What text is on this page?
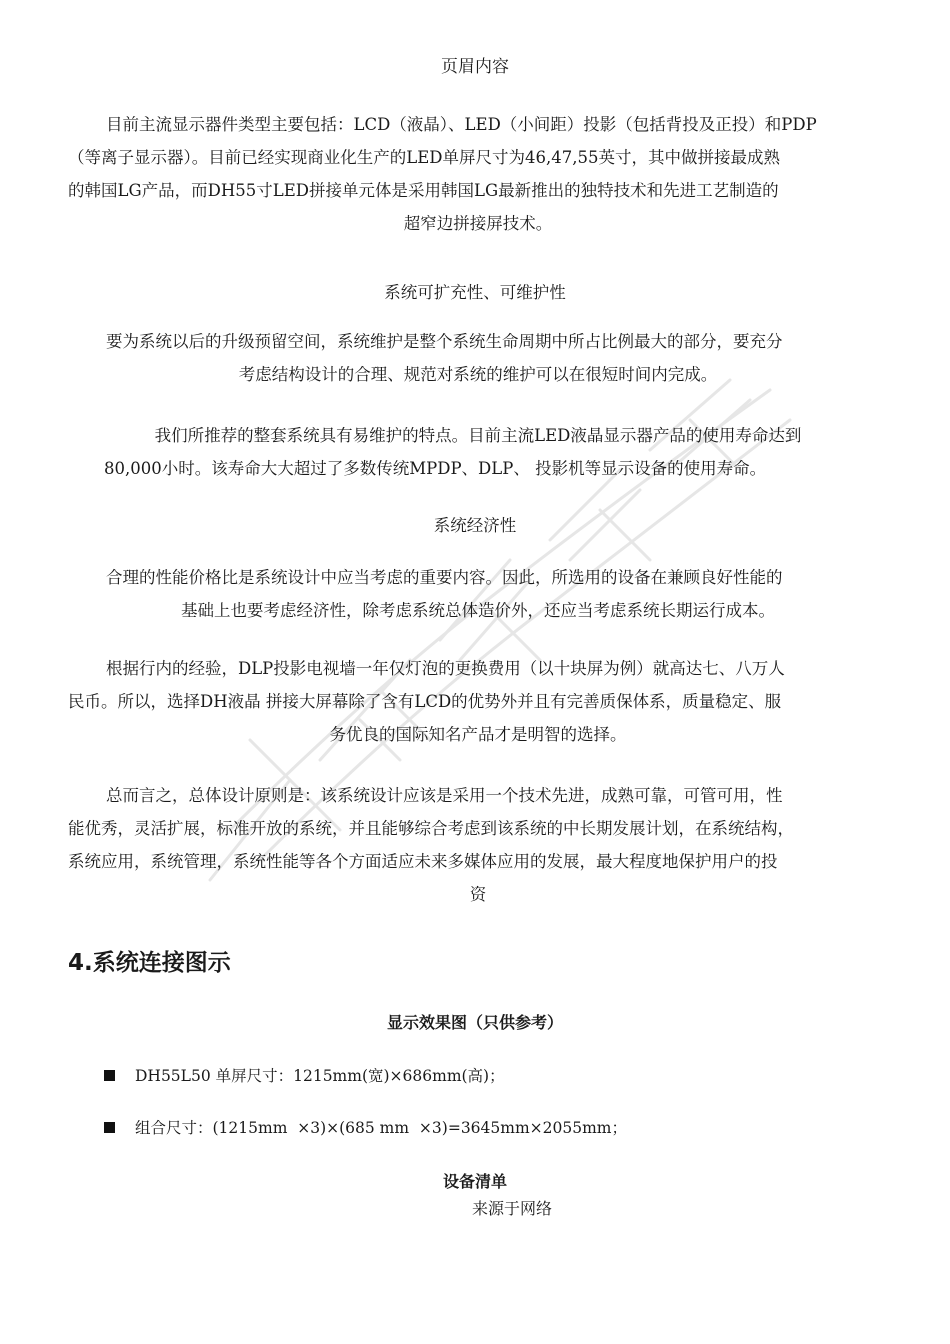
页眉内容
目前主流显示器件类型主要包括：LCD（液晶）、LED（小间距）投影（包括背投及正投）和PDP
（等离子显示器）。目前已经实现商业化生产的LED单屏尺寸为46,47,55英寸，其中做拼接最成熟
的韩国LG产品，而DH55寸LED拼接单元体是采用韩国LG最新推出的独特技术和先进工艺制造的
超窄边拼接屏技术。
系统可扩充性、可维护性
要为系统以后的升级预留空间，系统维护是整个系统生命周期中所占比例最大的部分，要充分
考虑结构设计的合理、规范对系统的维护可以在很短时间内完成。
我们所推荐的整套系统具有易维护的特点。目前主流LED液晶显示器产品的使用寿命达到
80,000小时。该寿命大大超过了多数传统MPDP、DLP、 投影机等显示设备的使用寿命。
系统经济性
合理的性能价格比是系统设计中应当考虑的重要内容。因此，所选用的设备在兼顾良好性能的
基础上也要考虑经济性，除考虑系统总体造价外，还应当考虑系统长期运行成本。
根据行内的经验，DLP投影电视墙一年仅灯泡的更换费用（以十块屏为例）就高达七、八万人
民币。所以，选择DH液晶 拼接大屏幕除了含有LCD的优势外并且有完善质保体系，质量稳定、服
务优良的国际知名产品才是明智的选择。
总而言之，总体设计原则是：该系统设计应该是采用一个技术先进，成熟可靠，可管可用，性
能优秀，灵活扩展，标准开放的系统，并且能够综合考虑到该系统的中长期发展计划，在系统结构，
系统应用，系统管理，系统性能等各个方面适应未来多媒体应用的发展，最大程度地保护用户的投
资
4.系统连接图示
显示效果图（只供参考）
DH55L50 单屏尺寸：1215mm(宽)×686mm(高)；
组合尺寸：(1215mm  ×3)×(685 mm  ×3)=3645mm×2055mm；
设备清单
来源于网络
